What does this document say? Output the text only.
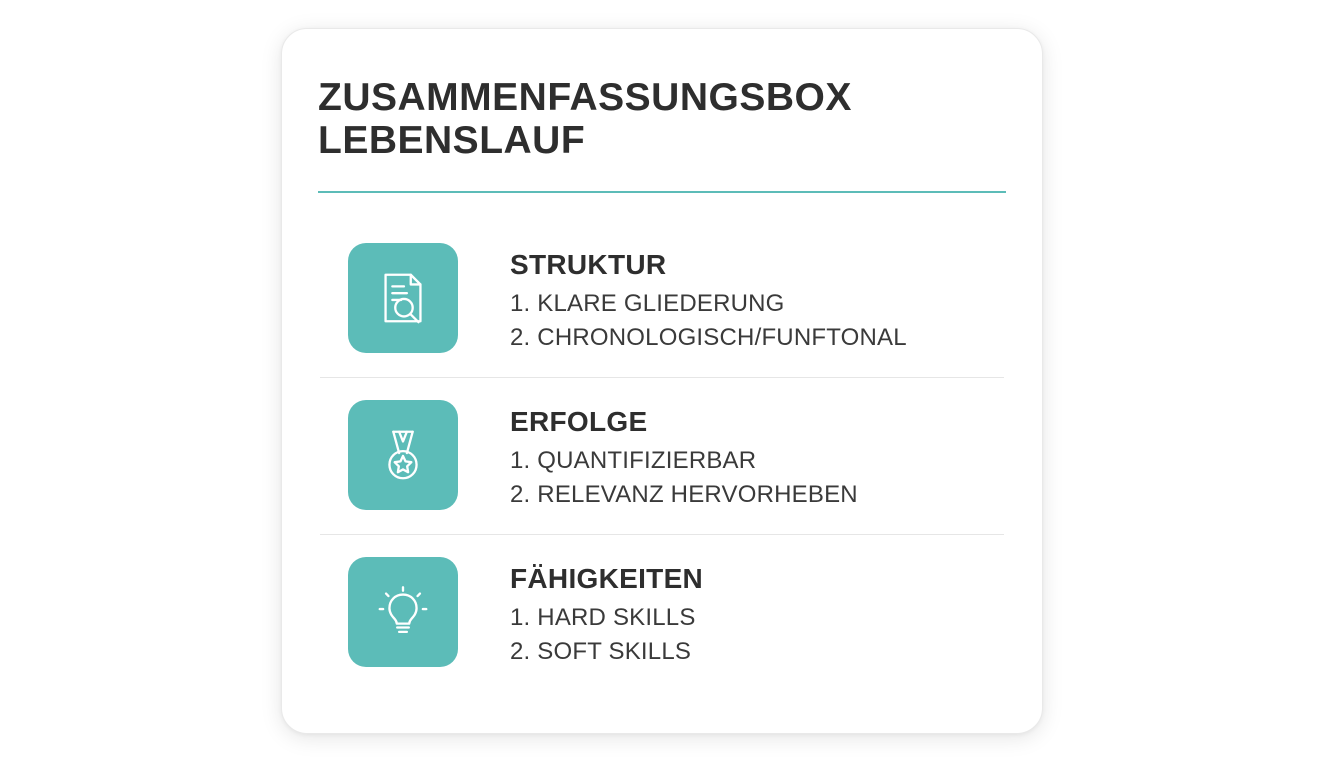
ZUSAMMENFASSUNGSBOX LEBENSLAUF
STRUKTUR
1. KLARE GLIEDERUNG
2. CHRONOLOGISCH/FUNFTONAL
ERFOLGE
1. QUANTIFIZIERBAR
2. RELEVANZ HERVORHEBEN
FÄHIGKEITEN
1. HARD SKILLS
2. SOFT SKILLS
